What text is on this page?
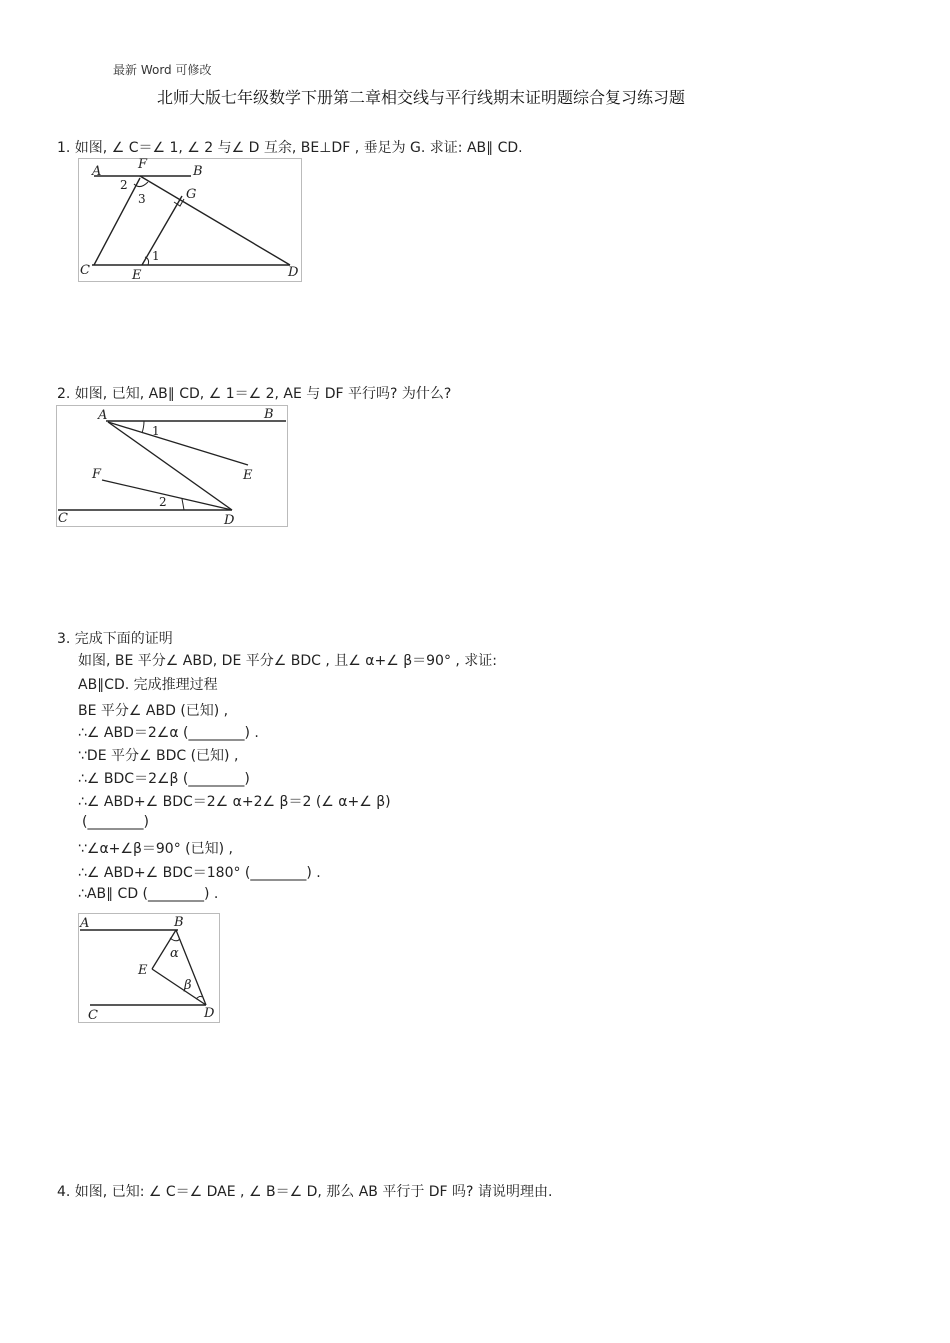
最新 Word 可修改
北师大版七年级数学下册第二章相交线与平行线期末证明题综合复习练习题
1. 如图, ∠ C＝∠ 1, ∠ 2 与∠ D 互余, BE⊥DF , 垂足为 G. 求证: AB∥ CD.
A	F	B
G
C	E	D
1
2
3
2. 如图, 已知, AB∥ CD, ∠ 1＝∠ 2, AE 与 DF 平行吗? 为什么?
A	B
E
F
C	D
1
2
3. 完成下面的证明
如图, BE 平分∠ ABD, DE 平分∠ BDC , 且∠ α+∠ β＝90° , 求证:
AB∥CD. 完成推理过程
BE 平分∠ ABD (已知) ,
∴∠ ABD＝2∠α (________) .
∵DE 平分∠ BDC (已知) ,
∴∠ BDC＝2∠β (________)
∴∠ ABD+∠ BDC＝2∠ α+2∠ β＝2 (∠ α+∠ β)
(________)
∵∠α+∠β＝90° (已知) ,
∴∠ ABD+∠ BDC＝180° (________) .
∴AB∥ CD (________) .
A	B
E
C	D
α
β
4. 如图, 已知: ∠ C＝∠ DAE , ∠ B＝∠ D, 那么 AB 平行于 DF 吗? 请说明理由.
